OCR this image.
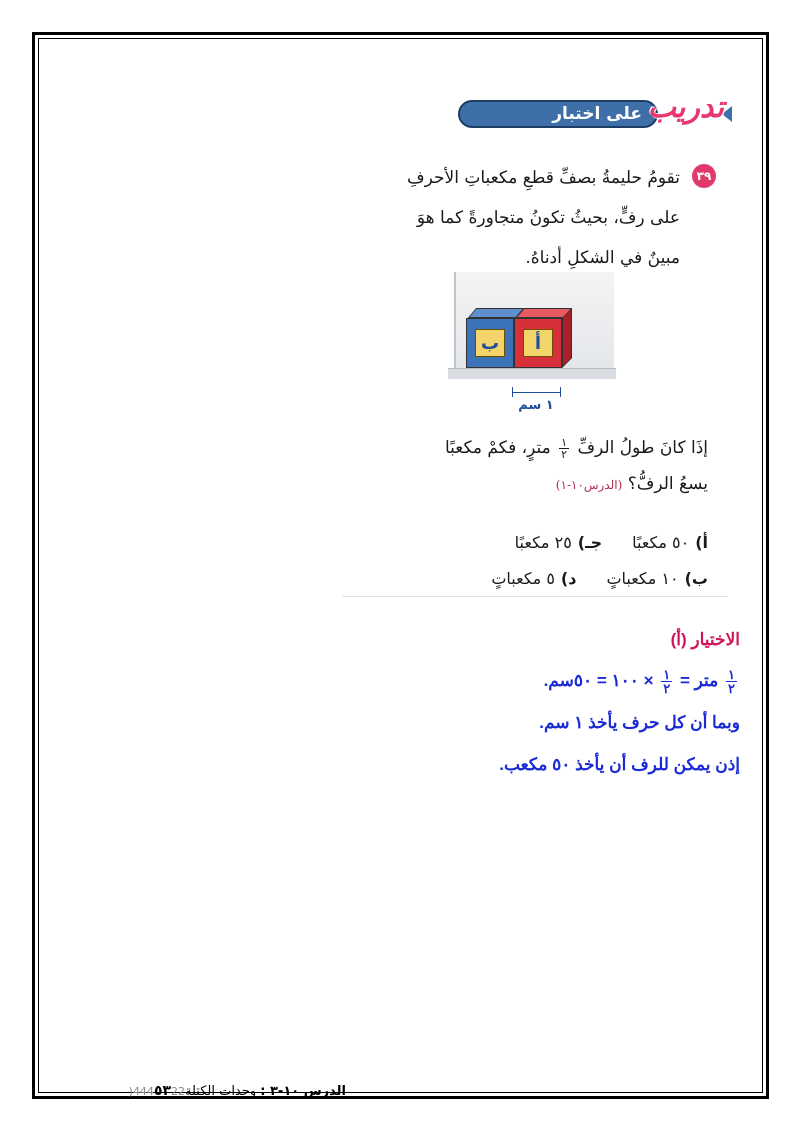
على اختبار تدريب
٣٩
تقومُ حليمةُ بصفِّ قطعِ مكعباتِ الأحرفِ
على رفٍّ، بحيثُ تكونُ متجاورةً كما هوَ
مبينٌ في الشكلِ أدناهُ.
ب	أ
١ سم
إذَا كانَ طولُ الرفِّ
$\frac{١}{٢}$
مترٍ، فكمْ مكعبًا
يسعُ الرفُّ؟ (الدرس١٠-١)
أ)٥٠ مكعبًا
جـ)٢٥ مكعبًا
ب)١٠ مكعباتٍ
د)٥ مكعباتٍ
الاختيار (أ)
$\frac{١}{٢}$
متر =
$\frac{١}{٢}$
× ١٠٠ = ٥٠سم.
وبما أن كل حرف يأخذ ١ سم.
إذن يمكن للرف أن يأخذ ٥٠ مكعب.
الدرس ١٠-٣ : وحدات الكتلة444٥٣22(
